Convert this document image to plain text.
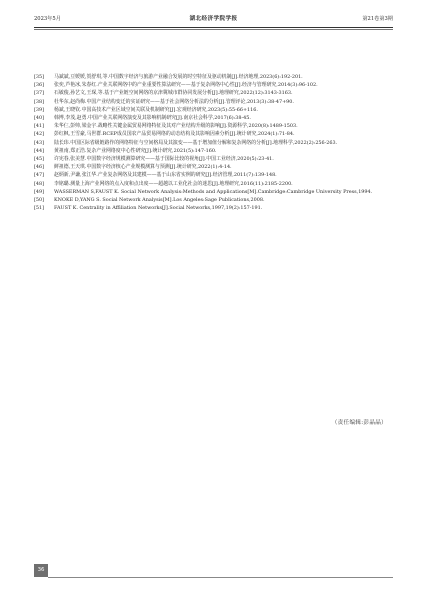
2023年5月	湖北经济学院学报	第21卷第3期

[35] 马斌斌,豆媛媛,贺舒琪,等.中国数字经济与旅游产业融合发展的时空特征及驱动机制[J].经济地理,2023(6):192-201.

[36] 张奕,芦艳冰,朱春红.产业关联网络中的产业重要性算法研究——基于复杂网络中心性[J].经济与管理研究,2014(3):96-102.

[37] 石敏俊,孙艺文,王琛,等.基于产业链空间网络的京津冀城市群协同发展分析[J].地理研究,2022(12):3143-3163.

[38] 杜华东,赵尚梅.中国产业结构变迁的实证研究——基于社会网络分析法的分析[J].管理评论,2013(3):38-47+90.

[39] 杨斌,王晓钦.中国高技术产业区域空间关联及机制研究[J].宏观经济研究,2023(5):55-66+116.

[40] 韩博,李茂,赵勇.中国产业关联网络演变及其影响机制研究[J].南京社会科学,2017(6):38-45.

[41] 朱华仨,彭帅,梁金宇.战略性关键金属贸易网络特征及其对产业结构升级的影响[J].资源科学,2020(8):1489-1503.

[42] 彭红枫,王雪豪,马世群.RCEP成员国农产品贸易网络的动态结构及其影响因素分析[J].统计研究,2024(1):71-84.

[43] 陆长玮.中国区际省级链路作的网络特征与空间格局及其演变——基于增加值分解和复杂网络的分析[J].地理科学,2022(2):256-263.

[44] 黄祖南,郑正浩.复杂产业网络度中心性研究[J].统计研究,2021(5):147-160.

[45] 许宪春,张美慧.中国数字经济规模测算研究——基于国际比较的视角[J].中国工业经济,2020(5):23-41.

[46] 鲜祖德,王天琪.中国数字经济核心产业规模测算与预测[J].统计研究,2022(1):4-14.

[47] 赵炳新,尹谦,张江华.产业复杂网络及其建模——基于山东省实例的研究[J].经济管理,2011(7):139-148.

[48] 李铭璐.测量上海产业网络的点入度和点出度——超越以工业化社会的迷思[J].地理研究,2016(11):2185-2200.

[49] WASSERMAN S,FAUST K. Social Network Analysis:Methods and Applications[M].Cambridge:Cambridge University Press,1994.

[50] KNOKE D,YANG S. Social Network Analysis[M].Los Angeles:Sage Publications,2008.

[51] FAUST K. Centrality in Affiliation Networks[J].Social Networks,1997,19(2):157-191.

（责任编辑:彭晶晶）
36
